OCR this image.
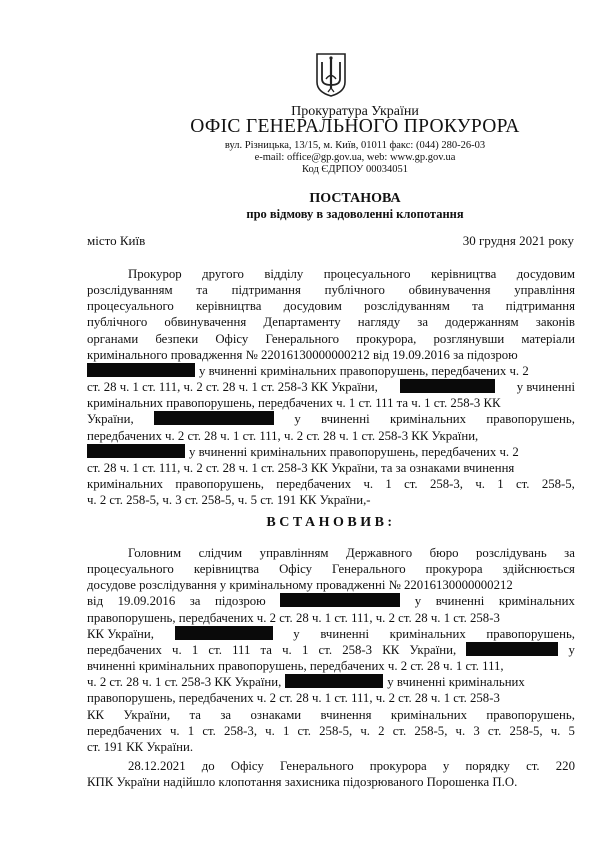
Прокуратура України
ОФІС ГЕНЕРАЛЬНОГО ПРОКУРОРА
вул. Різницька, 13/15, м. Київ, 01011 факс: (044) 280-26-03
e-mail: office@gp.gov.ua, web: www.gp.gov.ua
Код ЄДРПОУ 00034051
ПОСТАНОВА
про відмову в задоволенні клопотання
місто Київ	30 грудня 2021 року
Прокурор другого відділу процесуального керівництва досудовим
розслідуванням та підтримання публічного обвинувачення управління
процесуального керівництва досудовим розслідуванням та підтримання
публічного обвинувачення Департаменту нагляду за додержанням законів
органами безпеки Офісу Генерального прокурора, розглянувши матеріали
кримінального провадження № 22016130000000212 від 19.09.2016 за підозрою
у вчиненні кримінальних правопорушень, передбачених ч. 2
ст. 28 ч. 1 ст. 111, ч. 2 ст. 28 ч. 1 ст. 258-3 КК України,	у вчиненні
кримінальних правопорушень, передбачених ч. 1 ст. 111 та ч. 1 ст. 258-3 КК
України,	у вчиненні кримінальних правопорушень,
передбачених ч. 2 ст. 28 ч. 1 ст. 111, ч. 2 ст. 28 ч. 1 ст. 258-3 КК України,
у вчиненні кримінальних правопорушень, передбачених ч. 2
ст. 28 ч. 1 ст. 111, ч. 2 ст. 28 ч. 1 ст. 258-3 КК України, та за ознаками вчинення
кримінальних правопорушень, передбачених ч. 1 ст. 258-3, ч. 1 ст. 258-5,
ч. 2 ст. 258-5, ч. 3 ст. 258-5, ч. 5 ст. 191 КК України,-
ВСТАНОВИВ:
Головним слідчим управлінням Державного бюро розслідувань за
процесуального керівництва Офісу Генерального прокурора здійснюється
досудове розслідування у кримінальному провадженні № 22016130000000212
від 19.09.2016 за підозрою	у вчиненні кримінальних
правопорушень, передбачених ч. 2 ст. 28 ч. 1 ст. 111, ч. 2 ст. 28 ч. 1 ст. 258-3
КК України,	у вчиненні кримінальних правопорушень,
передбачених ч. 1 ст. 111 та ч. 1 ст. 258-3 КК України,	у
вчиненні кримінальних правопорушень, передбачених ч. 2 ст. 28 ч. 1 ст. 111,
ч. 2 ст. 28 ч. 1 ст. 258-3 КК України,	у вчиненні кримінальних
правопорушень, передбачених ч. 2 ст. 28 ч. 1 ст. 111, ч. 2 ст. 28 ч. 1 ст. 258-3
КК України, та за ознаками вчинення кримінальних правопорушень,
передбачених ч. 1 ст. 258-3, ч. 1 ст. 258-5, ч. 2 ст. 258-5, ч. 3 ст. 258-5, ч. 5
ст. 191 КК України.
28.12.2021 до Офісу Генерального прокурора у порядку ст. 220
КПК України надійшло клопотання захисника підозрюваного Порошенка П.О.
